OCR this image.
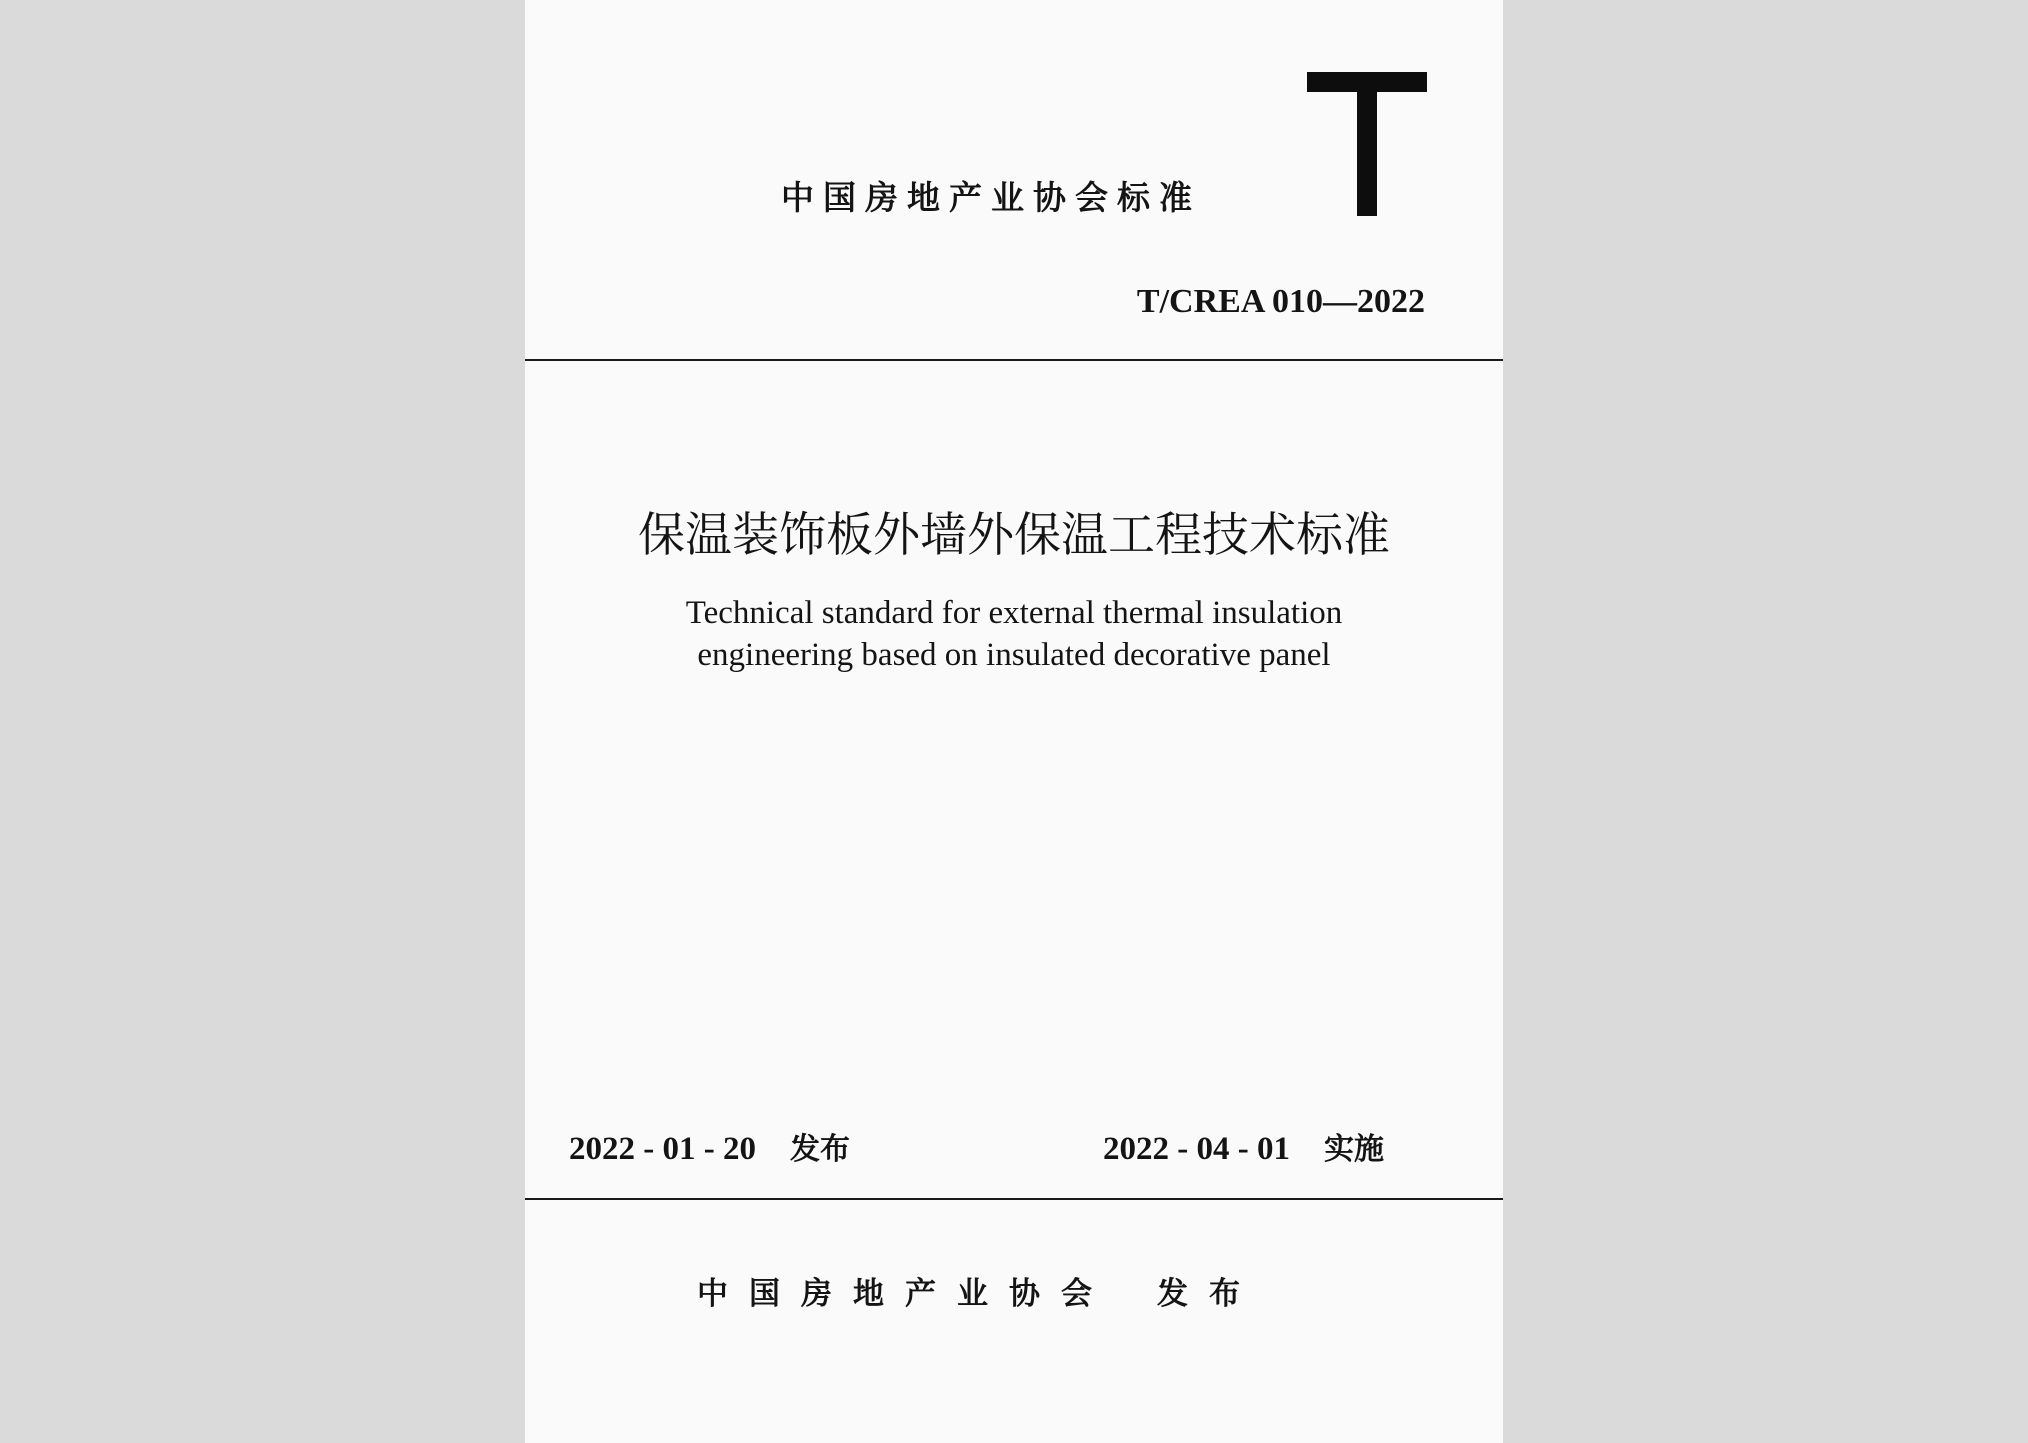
中国房地产业协会标准

T/CREA 010—2022

保温装饰板外墙外保温工程技术标准

Technical standard for external thermal insulation

engineering based on insulated decorative panel

2022 - 01 - 20 发布	2022 - 04 - 01 实施

中国房地产业协会 发布
